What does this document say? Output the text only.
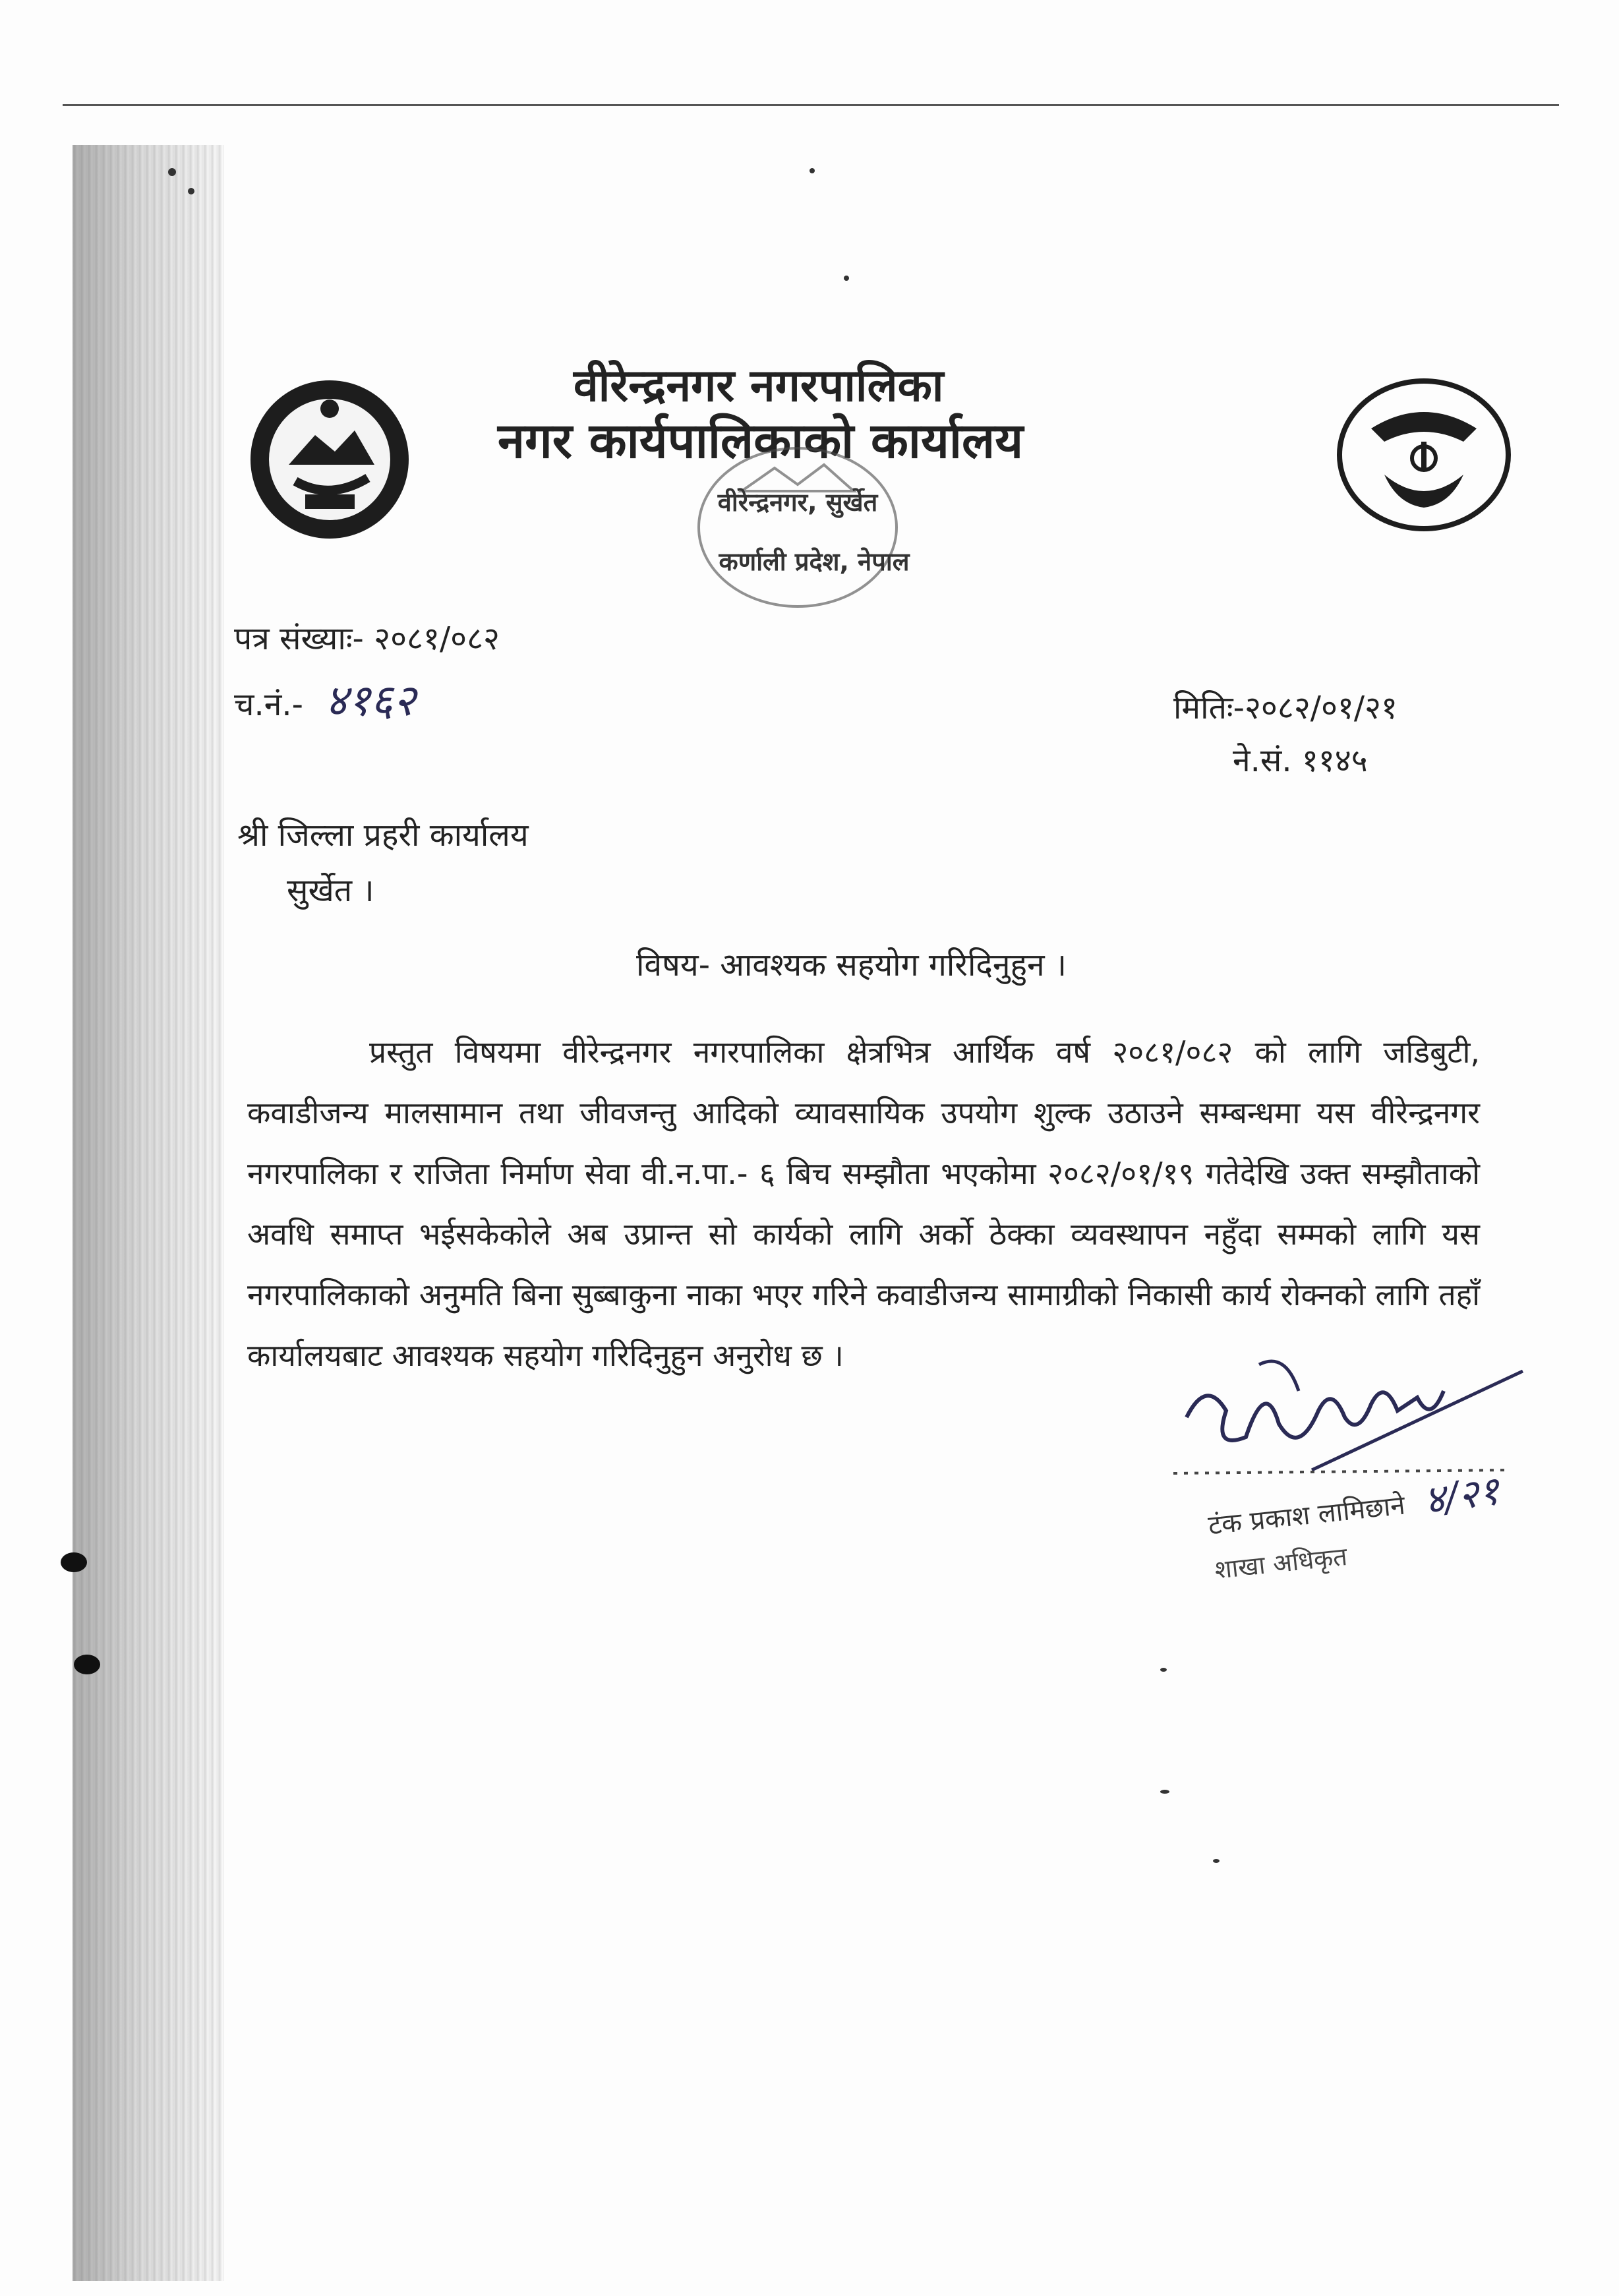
वीरेन्द्रनगर नगरपालिका
नगर कार्यपालिकाको कार्यालय
वीरेन्द्रनगर, सुर्खेत
कर्णाली प्रदेश, नेपाल
पत्र संख्याः- २०८१/०८२
च.नं.- ४१६२	मितिः-२०८२/०१/२१
ने.सं. ११४५
श्री जिल्ला प्रहरी कार्यालय
सुर्खेत ।
विषय- आवश्यक सहयोग गरिदिनुहुन ।
प्रस्तुत विषयमा वीरेन्द्रनगर नगरपालिका क्षेत्रभित्र आर्थिक वर्ष २०८१/०८२ को लागि जडिबुटी, कवाडीजन्य मालसामान तथा जीवजन्तु आदिको व्यावसायिक उपयोग शुल्क उठाउने सम्बन्धमा यस वीरेन्द्रनगर नगरपालिका र राजिता निर्माण सेवा वी.न.पा.- ६ बिच सम्झौता भएकोमा २०८२/०१/१९ गतेदेखि उक्त सम्झौताको अवधि समाप्त भईसकेकोले अब उप्रान्त सो कार्यको लागि अर्को ठेक्का व्यवस्थापन नहुँदा सम्मको लागि यस नगरपालिकाको अनुमति बिना सुब्बाकुना नाका भएर गरिने कवाडीजन्य सामाग्रीको निकासी कार्य रोक्नको लागि तहाँ कार्यालयबाट आवश्यक सहयोग गरिदिनुहुन अनुरोध छ ।
टंक प्रकाश लामिछाने
शाखा अधिकृत
४/२१
